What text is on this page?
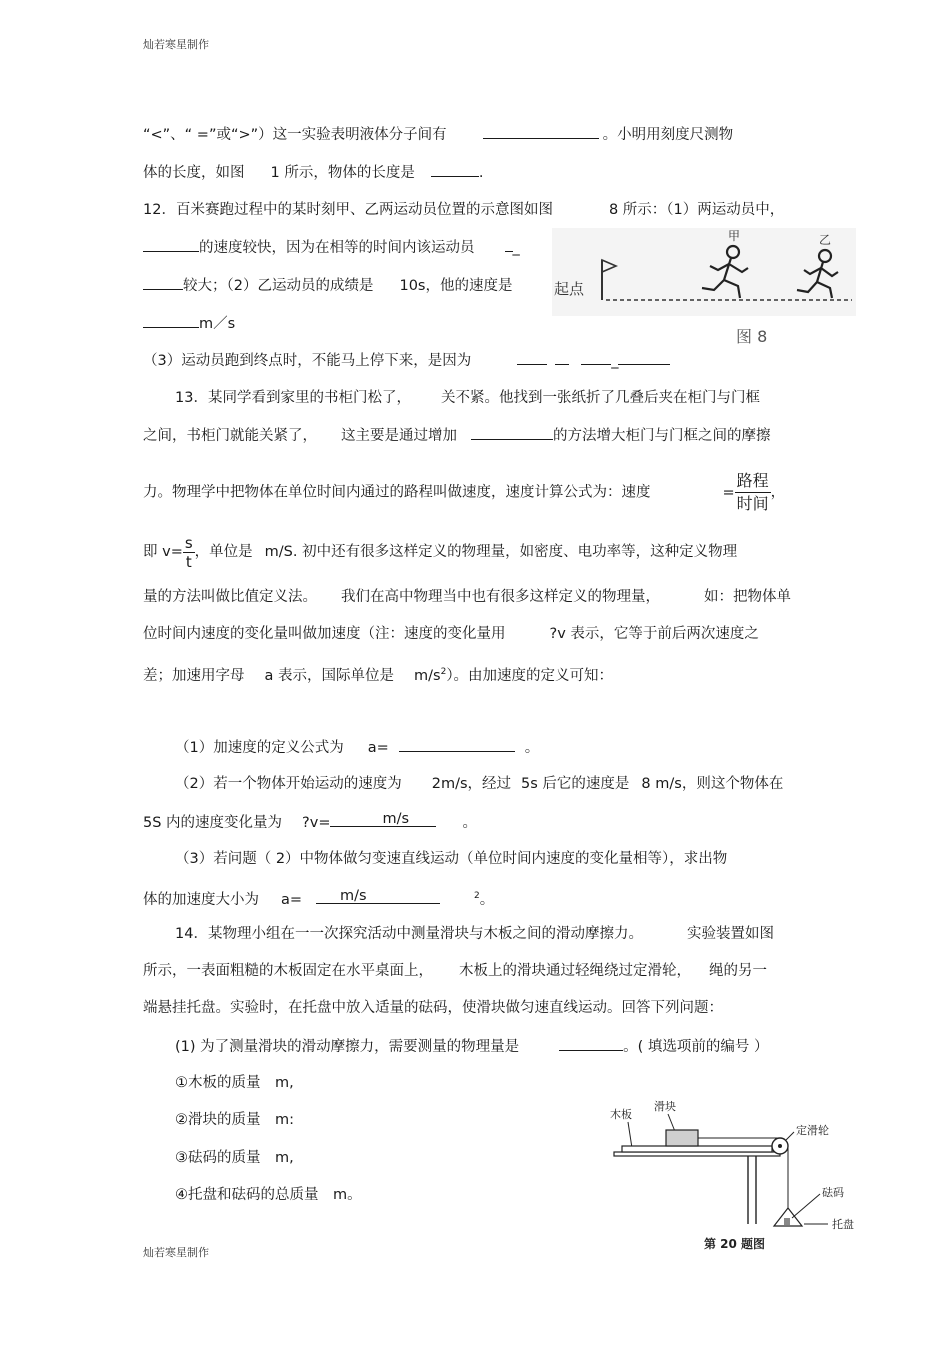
灿若寒星制作
“<”、“ =”或“>”）这一实验表明液体分子间有	。小明用刻度尺测物
体的长度，如图 1 所示，物体的长度是	.
12．百米赛跑过程中的某时刻甲、乙两运动员位置的示意图如图	8 所示：（1）两运动员中，
的速度较快，因为在相等的时间内该运动员	_
较大；（2）乙运动员的成绩是 10s，他的速度是
m／s
（3）运动员跑到终点时，不能马上停下来，是因为	_
起点
甲	乙
图 8
13．某同学看到家里的书柜门松了， 关不紧。他找到一张纸折了几叠后夹在柜门与门框
之间，书柜门就能关紧了， 这主要是通过增加	的方法增大柜门与门框之间的摩擦
力。物理学中把物体在单位时间内通过的路程叫做速度，速度计算公式为：速度	= $\frac{\text{路程}}{\text{时间}}$ ，
即 $v= \frac{s}{t}$ ，单位是 m/S. 初中还有很多这样定义的物理量，如密度、电功率等，这种定义物理
量的方法叫做比值定义法。 我们在高中物理当中也有很多这样定义的物理量，	如：把物体单
位时间内速度的变化量叫做加速度（注：速度的变化量用	?v 表示，它等于前后两次速度之
差；加速用字母 a 表示，国际单位是 $m/s^2$）。由加速度的定义可知：
（1）加速度的定义公式为 a=	。
（2）若一个物体开始运动的速度为 2m/s，经过 5s 后它的速度是 8 m/s，则这个物体在
5S 内的速度变化量为 ?v=	m/s	。
（3）若问题（ 2）中物体做匀变速直线运动（单位时间内速度的变化量相等），求出物
体的加速度大小为 a=	m/s	$^2$。
14．某物理小组在一一次探究活动中测量滑块与木板之间的滑动摩擦力。	实验装置如图
所示，一表面粗糙的木板固定在水平桌面上， 木板上的滑块通过轻绳绕过定滑轮， 绳的另一
端悬挂托盘。实验时，在托盘中放入适量的砝码，使滑块做匀速直线运动。回答下列问题：
(1) 为了测量滑块的滑动摩擦力，需要测量的物理量是	。( 填选项前的编号 ）
①木板的质量　m,
②滑块的质量　m:
③砝码的质量　m,
④托盘和砝码的总质量　m。
木板
滑块
定滑轮
砝码
托盘
第 20 题图
灿若寒星制作
